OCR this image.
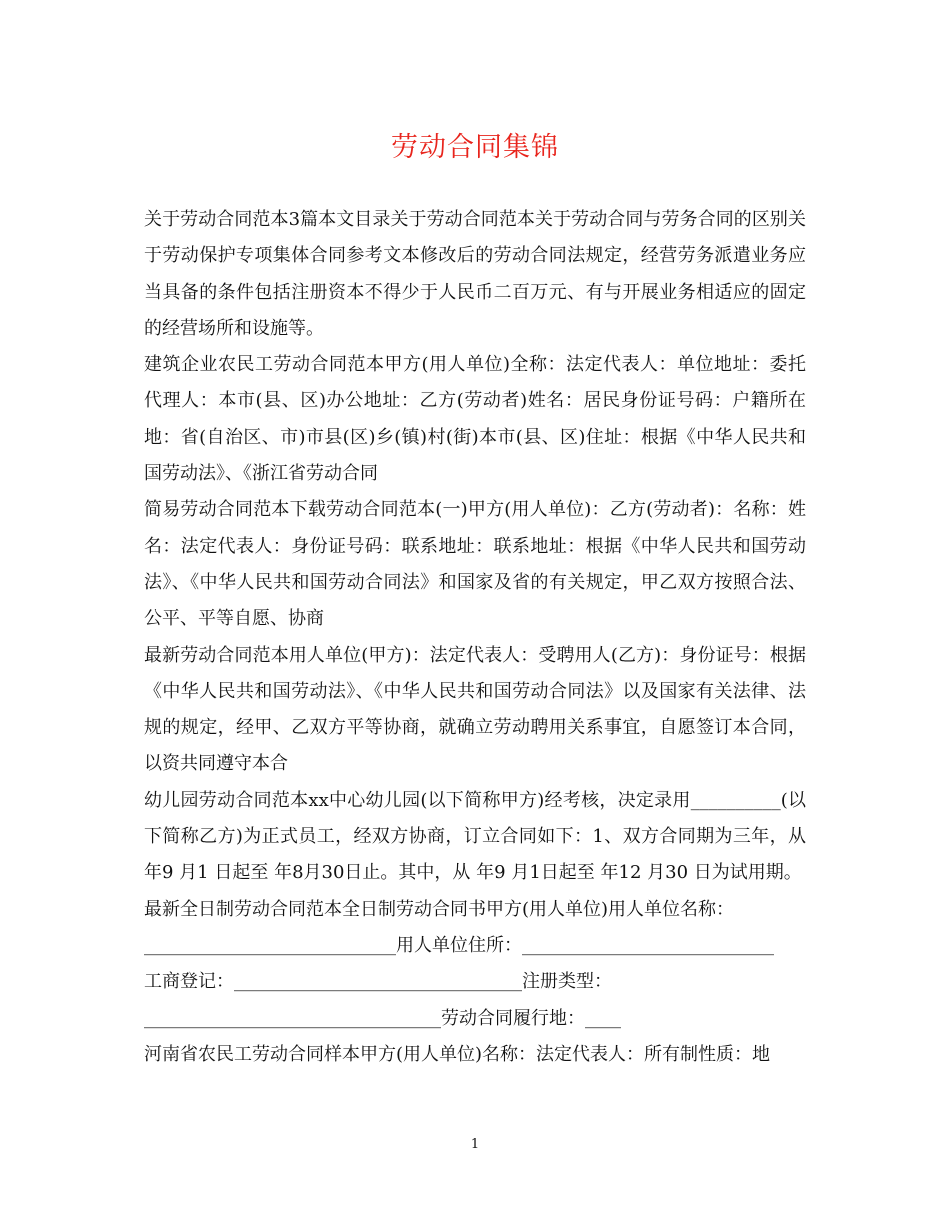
劳动合同集锦

关于劳动合同范本3篇本文目录关于劳动合同范本关于劳动合同与劳务合同的区别关于劳动保护专项集体合同参考文本修改后的劳动合同法规定，经营劳务派遣业务应当具备的条件包括注册资本不得少于人民币二百万元、有与开展业务相适应的固定的经营场所和设施等。

建筑企业农民工劳动合同范本甲方(用人单位)全称：法定代表人：单位地址：委托代理人：本市(县、区)办公地址：乙方(劳动者)姓名：居民身份证号码：户籍所在地：省(自治区、市)市县(区)乡(镇)村(街)本市(县、区)住址：根据《中华人民共和国劳动法》、《浙江省劳动合同

简易劳动合同范本下载劳动合同范本(一)甲方(用人单位)：乙方(劳动者)：名称：姓名：法定代表人：身份证号码：联系地址：联系地址：根据《中华人民共和国劳动法》、《中华人民共和国劳动合同法》和国家及省的有关规定，甲乙双方按照合法、公平、平等自愿、协商

最新劳动合同范本用人单位(甲方)：法定代表人：受聘用人(乙方)：身份证号：根据《中华人民共和国劳动法》、《中华人民共和国劳动合同法》以及国家有关法律、法规的规定，经甲、乙双方平等协商，就确立劳动聘用关系事宜，自愿签订本合同，以资共同遵守本合

幼儿园劳动合同范本xx中心幼儿园(以下简称甲方)经考核，决定录用__________(以下简称乙方)为正式员工，经双方协商，订立合同如下：1、双方合同期为三年，从 年9 月1 日起至 年8月30日止。其中，从 年9 月1日起至 年12 月30 日为试用期。

最新全日制劳动合同范本全日制劳动合同书甲方(用人单位)用人单位名称：
____________________________用人单位住所：____________________________
工商登记：________________________________注册类型：
_________________________________劳动合同履行地：____

河南省农民工劳动合同样本甲方(用人单位)名称：法定代表人：所有制性质：地

1
